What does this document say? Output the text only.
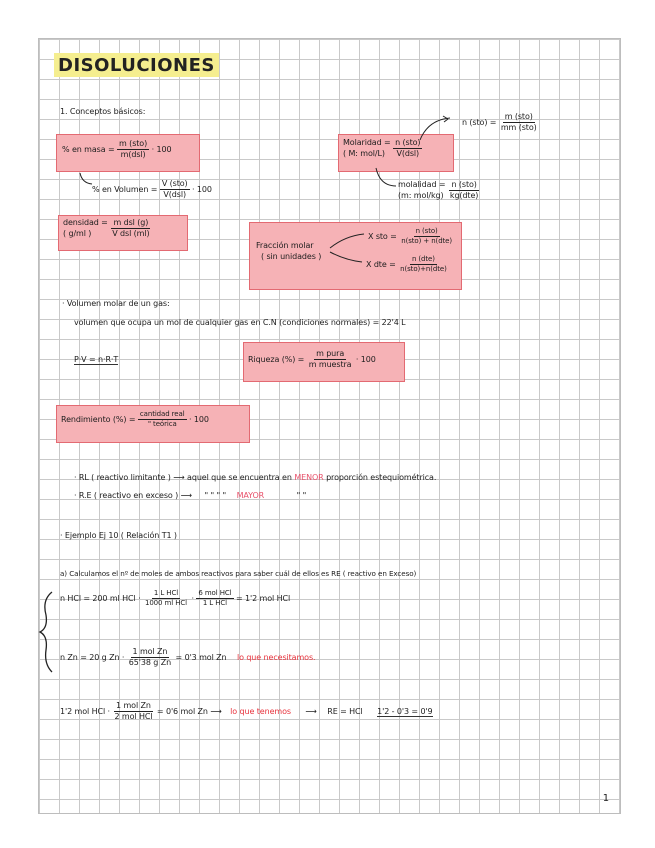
DISOLUCIONES
1. Conceptos básicos:
% en masa = $\frac{\text{m (sto)}}{\text{m(dsl)}} \cdot 100$
% en Volumen = $\frac{\text{V (sto)}}{\text{V(dsl)}} \cdot 100$
densidad =
( g/ml )
	$\frac{\text{m dsl (g)}}{\text{V dsl (ml)}}$
Molaridad =
( M: mol/L)
	$\frac{\text{n (sto)}}{\text{V(dsl)}}$
n $(sto) = \frac{\text{m (sto)}}{\text{mm (sto)}}$
molalidad =
(m: mol/kg)
$\frac{\text{n (sto)}}{\text{kg(dte)}}$
Fracción molar
( sin unidades )
X sto = $\frac{\text{n (sto)}}{\text{n(sto) + n(dte)}}$
X dte = $\frac{\text{n (dte)}}{\text{n(sto)+n(dte)}}$
· Volumen molar de un gas:
volumen que ocupa un mol de cualquier gas en C.N (condiciones normales) = 22'4 L
P·V = n·R·T	Riqueza (%) = $\frac{\text{m pura}}{\text{m muestra}} \cdot 100$
Rendimiento (%) = $\frac{\text{cantidad real}}{\text{" teórica}} \cdot 100$
· RL ( reactivo limitante ) ⟶ aquel que se encuentra en MENOR proporción estequiométrica.
· R.E ( reactivo en exceso ) ⟶ " " " " MAYOR	" "
· Ejemplo Ej 10 ( Relación T1 )
a) Calculamos el nº de moles de ambos reactivos para saber cuál de ellos es RE ( reactivo en Exceso)
n HCl = 200 ml HCl · $\frac{\text{1 L HCl}}{\text{1000 ml HCl}} \cdot \frac{\text{6 mol HCl}}{\text{1 L HCl}} = 1'2$ mol HCl
n Zn = 20 g $Zn \cdot \frac{\text{1 mol Zn}}{\text{65'38 g Zn}} = 0'3$ mol Zn lo que necesitamos.
1'2 mol HCl · $\frac{\text{1 mol Zn}}{\text{2 mol HCl}} = 0'6$ mol Zn ⟶ lo que tenemos ⟶ RE = HCl 1'2 - 0'3 = 0'9
1
